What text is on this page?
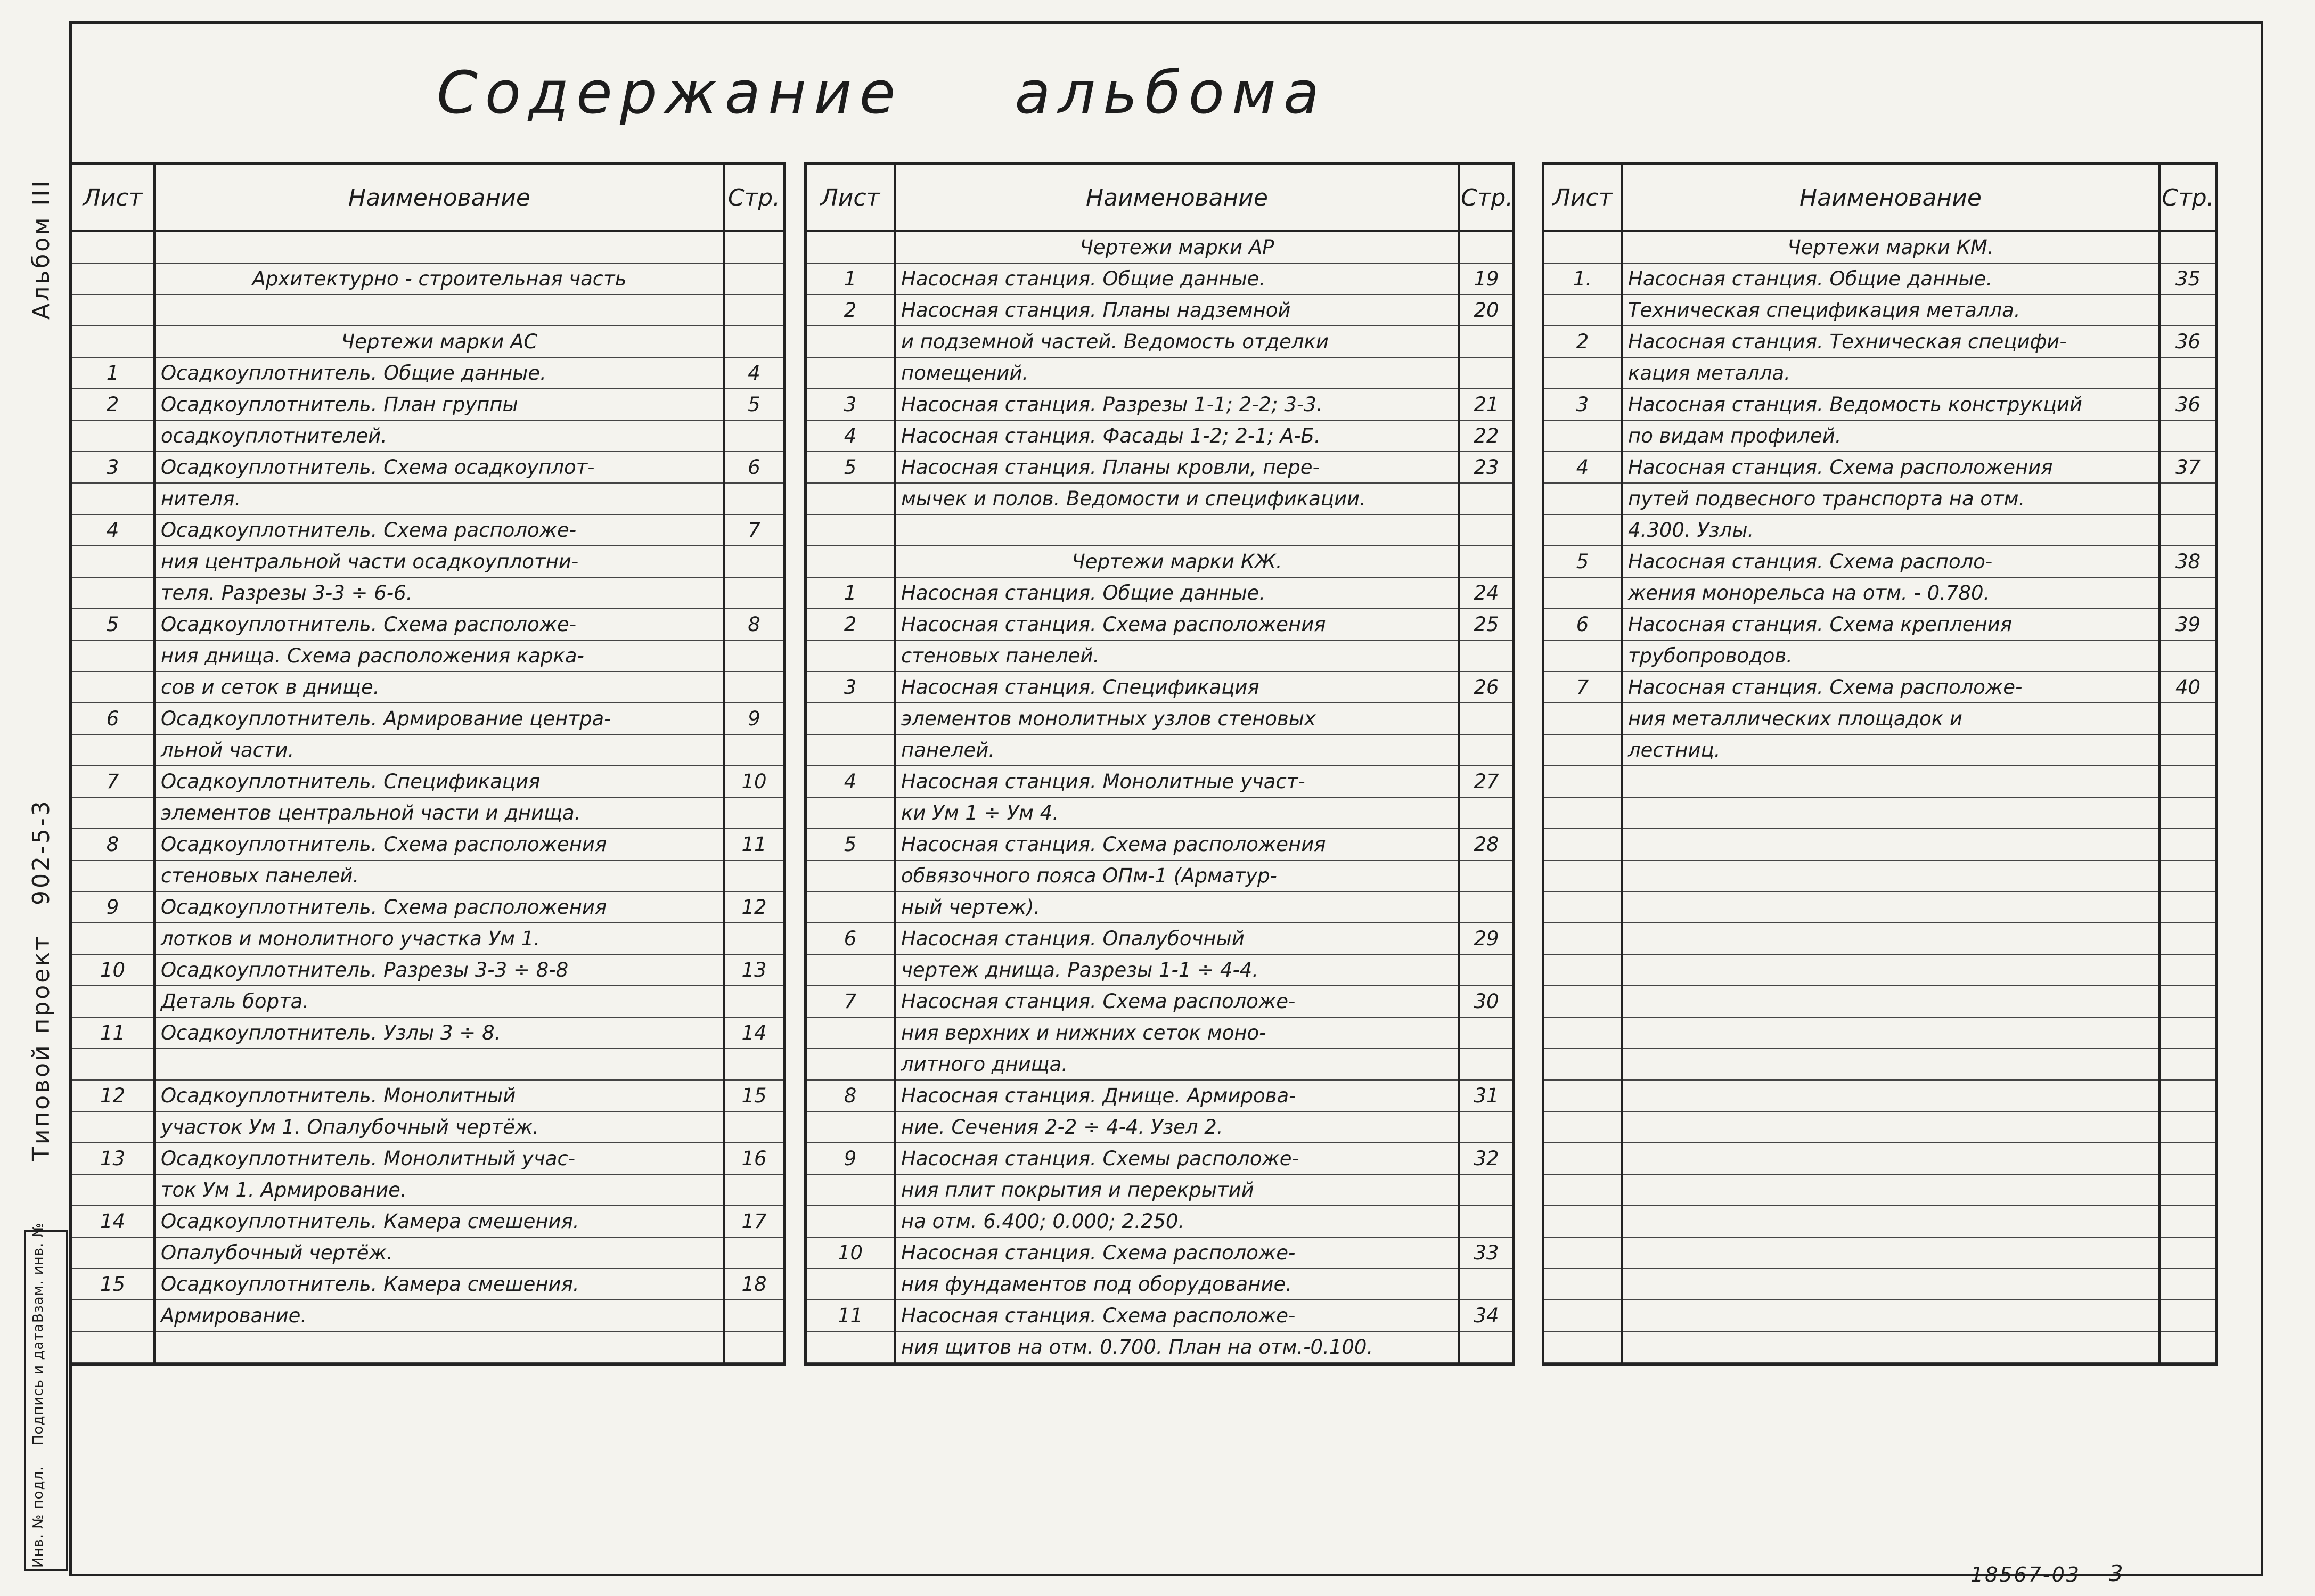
Содержание альбома
Альбом III
902-5-3
Типовой проект
Инв. № подл.
Подпись и дата
Взам. инв. №
Лист	Наименование	Стр.

	Архитектурно - строительная часть	

	Чертежи марки АС	
1	Осадкоуплотнитель. Общие данные.	4
2	Осадкоуплотнитель. План группы	5
	осадкоуплотнителей.	
3	Осадкоуплотнитель. Схема осадкоуплот-	6
	нителя.	
4	Осадкоуплотнитель. Схема расположе-	7
	ния центральной части осадкоуплотни-	
	теля. Разрезы 3-3 ÷ 6-6.	
5	Осадкоуплотнитель. Схема расположе-	8
	ния днища. Схема расположения карка-	
	сов и сеток в днище.	
6	Осадкоуплотнитель. Армирование центра-	9
	льной части.	
7	Осадкоуплотнитель. Спецификация	10
	элементов центральной части и днища.	
8	Осадкоуплотнитель. Схема расположения	11
	стеновых панелей.	
9	Осадкоуплотнитель. Схема расположения	12
	лотков и монолитного участка Ум 1.	
10	Осадкоуплотнитель. Разрезы 3-3 ÷ 8-8	13
	Деталь борта.	
11	Осадкоуплотнитель. Узлы 3 ÷ 8.	14

12	Осадкоуплотнитель. Монолитный	15
	участок Ум 1. Опалубочный чертёж.	
13	Осадкоуплотнитель. Монолитный учас-	16
	ток Ум 1. Армирование.	
14	Осадкоуплотнитель. Камера смешения.	17
	Опалубочный чертёж.	
15	Осадкоуплотнитель. Камера смешения.	18
	Армирование.	

Лист	Наименование	Стр.
	Чертежи марки АР	
1	Насосная станция. Общие данные.	19
2	Насосная станция. Планы надземной	20
	и подземной частей. Ведомость отделки	
	помещений.	
3	Насосная станция. Разрезы 1-1; 2-2; 3-3.	21
4	Насосная станция. Фасады 1-2; 2-1; А-Б.	22
5	Насосная станция. Планы кровли, пере-	23
	мычек и полов. Ведомости и спецификации.	

	Чертежи марки КЖ.	
1	Насосная станция. Общие данные.	24
2	Насосная станция. Схема расположения	25
	стеновых панелей.	
3	Насосная станция. Спецификация	26
	элементов монолитных узлов стеновых	
	панелей.	
4	Насосная станция. Монолитные участ-	27
	ки Ум 1 ÷ Ум 4.	
5	Насосная станция. Схема расположения	28
	обвязочного пояса ОПм-1 (Арматур-	
	ный чертеж).	
6	Насосная станция. Опалубочный	29
	чертеж днища. Разрезы 1-1 ÷ 4-4.	
7	Насосная станция. Схема расположе-	30
	ния верхних и нижних сеток моно-	
	литного днища.	
8	Насосная станция. Днище. Армирова-	31
	ние. Сечения 2-2 ÷ 4-4. Узел 2.	
9	Насосная станция. Схемы расположе-	32
	ния плит покрытия и перекрытий	
	на отм. 6.400; 0.000; 2.250.	
10	Насосная станция. Схема расположе-	33
	ния фундаментов под оборудование.	
11	Насосная станция. Схема расположе-	34
	ния щитов на отм. 0.700. План на отм.-0.100.	
Лист	Наименование	Стр.
	Чертежи марки КМ.	
1.	Насосная станция. Общие данные.	35
	Техническая спецификация металла.	
2	Насосная станция. Техническая специфи-	36
	кация металла.	
3	Насосная станция. Ведомость конструкций	36
	по видам профилей.	
4	Насосная станция. Схема расположения	37
	путей подвесного транспорта на отм.	
	4.300. Узлы.	
5	Насосная станция. Схема располо-	38
	жения монорельса на отм. - 0.780.	
6	Насосная станция. Схема крепления	39
	трубопроводов.	
7	Насосная станция. Схема расположе-	40
	ния металлических площадок и	
	лестниц.	

18567-03 3
